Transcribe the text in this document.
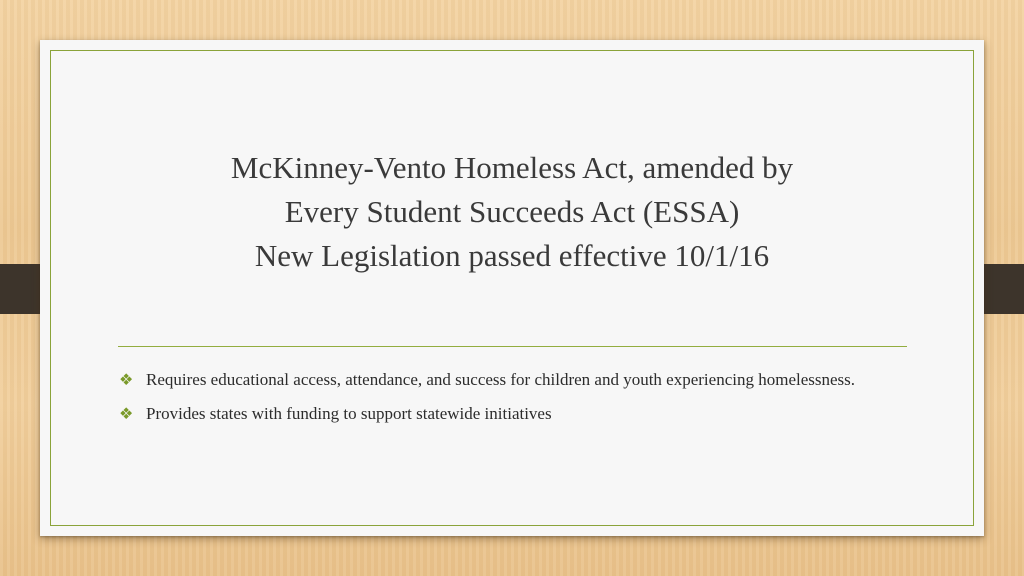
McKinney-Vento Homeless Act, amended by
Every Student Succeeds Act (ESSA)
New Legislation passed effective 10/1/16
❖ Requires educational access, attendance, and success for children and youth experiencing homelessness.
❖ Provides states with funding to support statewide initiatives
